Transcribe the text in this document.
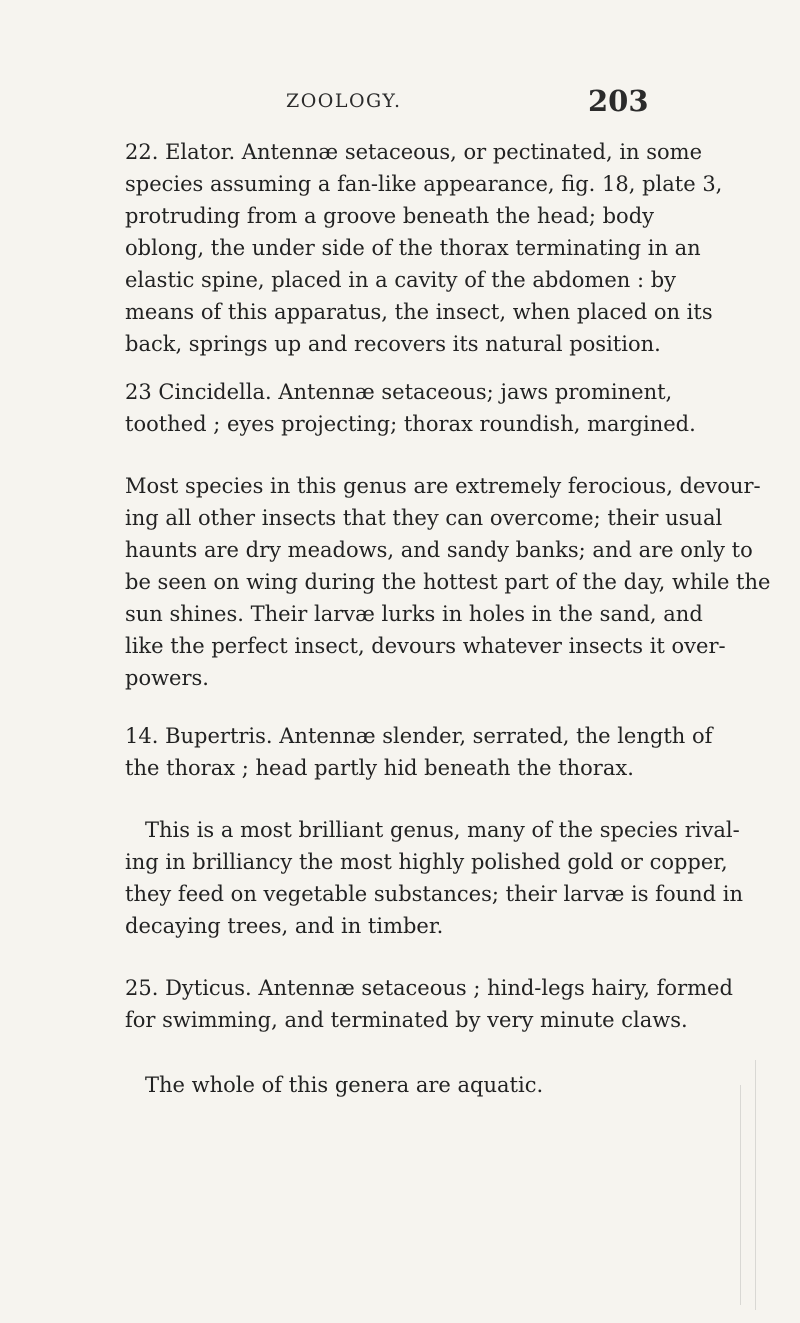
ZOOLOGY.	203
22. Elator. Antennæ setaceous, or pectinated, in some
species assuming a fan-like appearance, fig. 18, plate 3,
protruding from a groove beneath the head; body
oblong, the under side of the thorax terminating in an
elastic spine, placed in a cavity of the abdomen : by
means of this apparatus, the insect, when placed on its
back, springs up and recovers its natural position.
23 Cincidella. Antennæ setaceous; jaws prominent,
toothed ; eyes projecting; thorax roundish, margined.
Most species in this genus are extremely ferocious, devour-
ing all other insects that they can overcome; their usual
haunts are dry meadows, and sandy banks; and are only to
be seen on wing during the hottest part of the day, while the
sun shines. Their larvæ lurks in holes in the sand, and
like the perfect insect, devours whatever insects it over-
powers.
14. Bupertris. Antennæ slender, serrated, the length of
the thorax ; head partly hid beneath the thorax.
This is a most brilliant genus, many of the species rival-
ing in brilliancy the most highly polished gold or copper,
they feed on vegetable substances; their larvæ is found in
decaying trees, and in timber.
25. Dyticus. Antennæ setaceous ; hind-legs hairy, formed
for swimming, and terminated by very minute claws.
The whole of this genera are aquatic.
